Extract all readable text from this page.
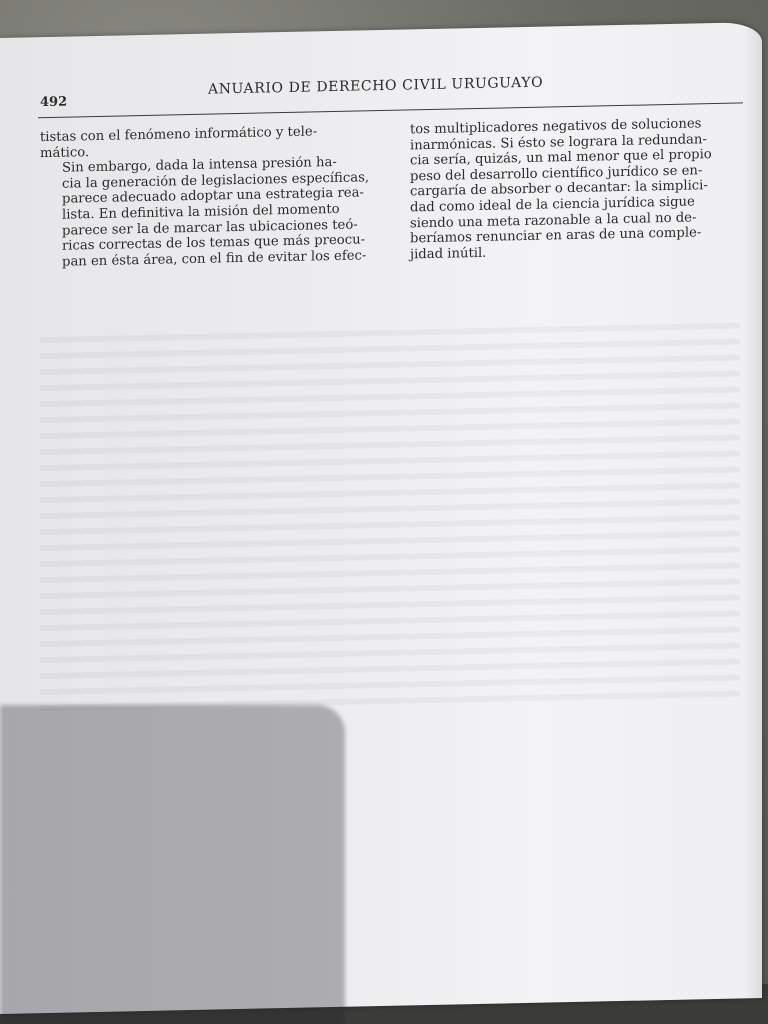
492
ANUARIO DE DERECHO CIVIL URUGUAYO

tistas con el fenómeno informático y tele-
mático.

Sin embargo, dada la intensa presión ha-
cia la generación de legislaciones específicas,
parece adecuado adoptar una estrategia rea-
lista. En definitiva la misión del momento
parece ser la de marcar las ubicaciones teó-
ricas correctas de los temas que más preocu-
pan en ésta área, con el fin de evitar los efec-

tos multiplicadores negativos de soluciones
inarmónicas. Si ésto se lograra la redundan-
cia sería, quizás, un mal menor que el propio
peso del desarrollo científico jurídico se en-
cargaría de absorber o decantar: la simplici-
dad como ideal de la ciencia jurídica sigue
siendo una meta razonable a la cual no de-
beríamos renunciar en aras de una comple-
jidad inútil.
